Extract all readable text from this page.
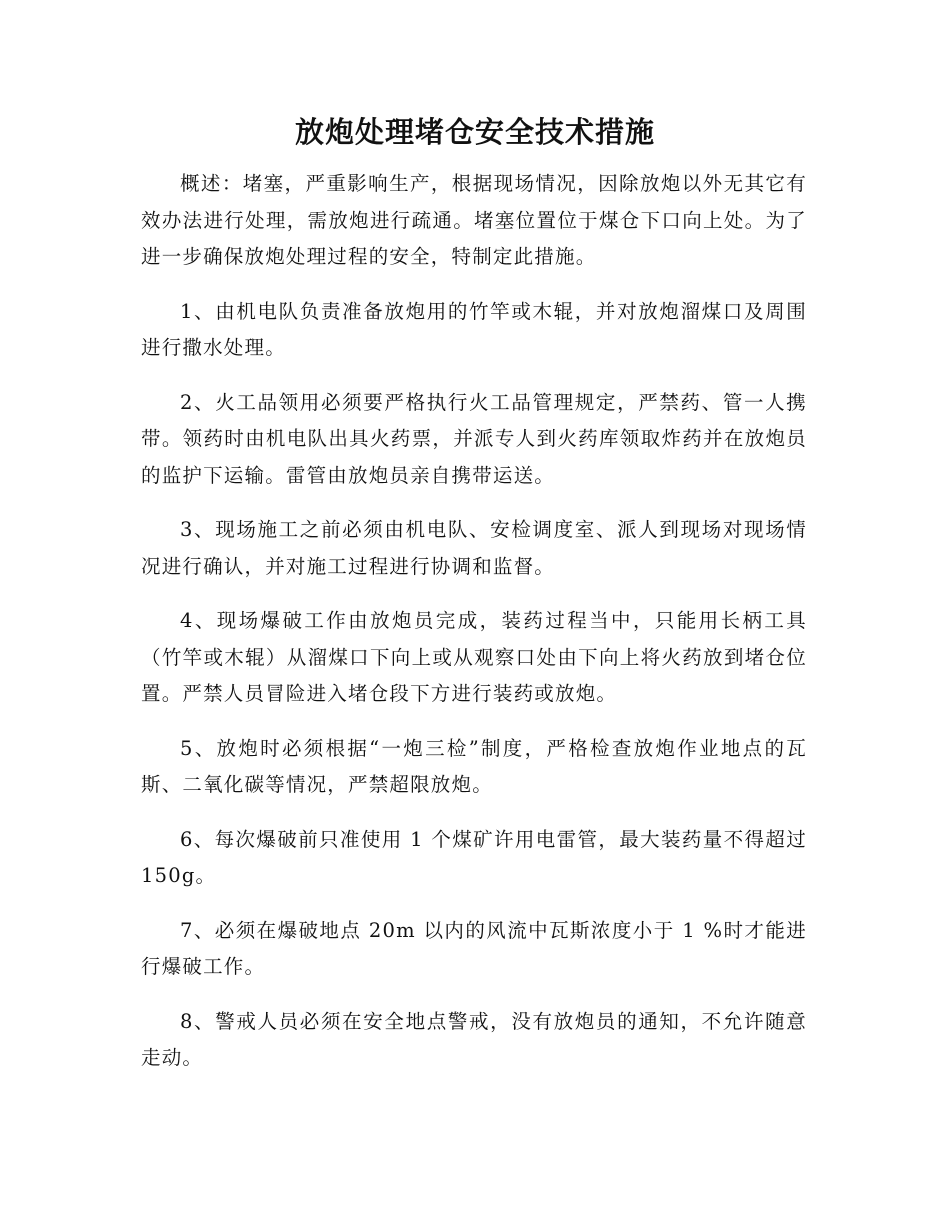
放炮处理堵仓安全技术措施

概述：堵塞，严重影响生产，根据现场情况，因除放炮以外无其它有效办法进行处理，需放炮进行疏通。堵塞位置位于煤仓下口向上处。为了进一步确保放炮处理过程的安全，特制定此措施。

1、由机电队负责准备放炮用的竹竿或木辊，并对放炮溜煤口及周围进行撒水处理。

2、火工品领用必须要严格执行火工品管理规定，严禁药、管一人携带。领药时由机电队出具火药票，并派专人到火药库领取炸药并在放炮员的监护下运输。雷管由放炮员亲自携带运送。

3、现场施工之前必须由机电队、安检调度室、派人到现场对现场情况进行确认，并对施工过程进行协调和监督。

4、现场爆破工作由放炮员完成，装药过程当中，只能用长柄工具（竹竿或木辊）从溜煤口下向上或从观察口处由下向上将火药放到堵仓位置。严禁人员冒险进入堵仓段下方进行装药或放炮。

5、放炮时必须根据“一炮三检”制度，严格检查放炮作业地点的瓦斯、二氧化碳等情况，严禁超限放炮。

6、每次爆破前只准使用 1 个煤矿许用电雷管，最大装药量不得超过 150g。

7、必须在爆破地点 20m 以内的风流中瓦斯浓度小于 1 %时才能进行爆破工作。

8、警戒人员必须在安全地点警戒，没有放炮员的通知，不允许随意走动。
